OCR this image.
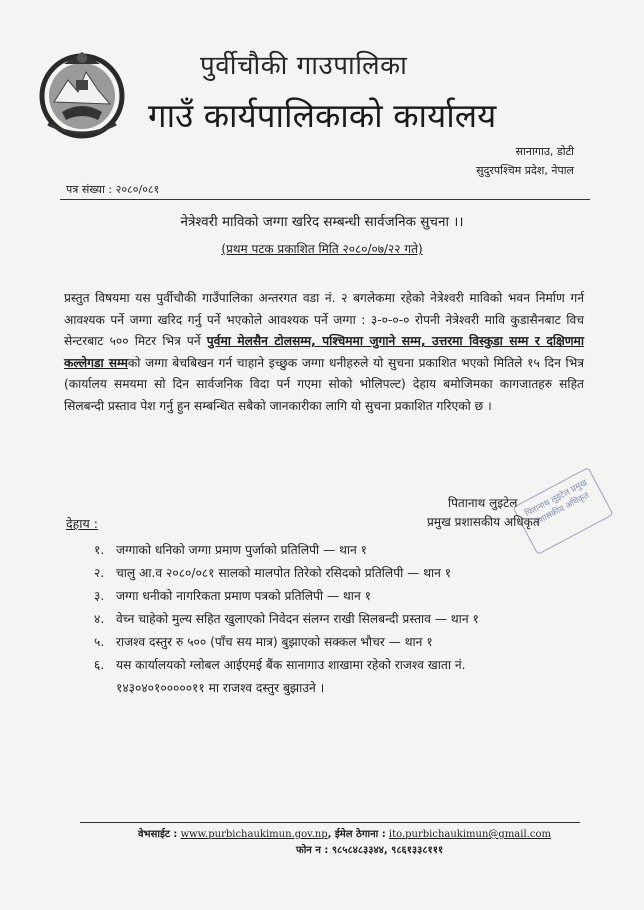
पुर्वीचौकी गाउपालिका
गाउँ कार्यपालिकाको कार्यालय
सानागाउ, डोटी
सुदुरपश्चिम प्रदेश, नेपाल
पत्र संख्या : २०८०/०८१
नेत्रेश्वरी माविको जग्गा खरिद सम्बन्धी सार्वजनिक सुचना ।।
(प्रथम पटक प्रकाशित मिति २०८०/०७/२२ गते)
प्रस्तुत विषयमा यस पुर्वीचौकी गाउँपालिका अन्तरगत वडा नं. २ बगलेकमा रहेको नेत्रेश्वरी माविको भवन निर्माण गर्न आवश्यक पर्ने जग्गा खरिद गर्नु पर्ने भएकोले आवश्यक पर्ने जग्गा : ३-०-०-० रोपनी नेत्रेश्वरी मावि कुडासैनबाट विच सेन्टरबाट ५०० मिटर भित्र पर्ने पुर्वमा मेलसैन टोलसम्म, पश्चिममा जुगाने सम्म, उत्तरमा विस्कुडा सम्म र दक्षिणमा कल्लेगडा सम्मको जग्गा बेचबिखन गर्न चाहाने इच्छुक जग्गा धनीहरुले यो सुचना प्रकाशित भएको मितिले १५ दिन भित्र (कार्यालय समयमा सो दिन सार्वजनिक विदा पर्न गएमा सोको भोलिपल्ट) देहाय बमोजिमका कागजातहरु सहित सिलबन्दी प्रस्ताव पेश गर्नु हुन सम्बन्धित सबैको जानकारीका लागि यो सुचना प्रकाशित गरिएको छ ।
पितानाथ लुइटेल प्रमुख प्रशासकीय अधिकृत
पितानाथ लुइटेल
प्रमुख प्रशासकीय अधिकृत
देहाय :
१. जग्गाको धनिको जग्गा प्रमाण पुर्जाको प्रतिलिपी — थान १
२. चालु आ.व २०८०/०८१ सालको मालपोत तिरेको रसिदको प्रतिलिपी — थान १
३. जग्गा धनीको नागरिकता प्रमाण पत्रको प्रतिलिपी — थान १
४. वेच्न चाहेको मुल्य सहित खुलाएको निवेदन संलग्न राखी सिलबन्दी प्रस्ताव — थान १
५. राजश्व दस्तुर रु ५०० (पाँच सय मात्र) बुझाएको सक्कल भौचर — थान १
६. यस कार्यालयको ग्लोबल आईएमई बैंक सानागाउ शाखामा रहेको राजश्व खाता नं.
१४३०४०१०००००११ मा राजश्व दस्तुर बुझाउने ।
वेभसाईट : www.purbichaukimun.gov.np, ईमेल ठेगाना : ito.purbichaukimun@gmail.com
फोन न : ९८५८४८३३४४, ९८६१३३८१११
